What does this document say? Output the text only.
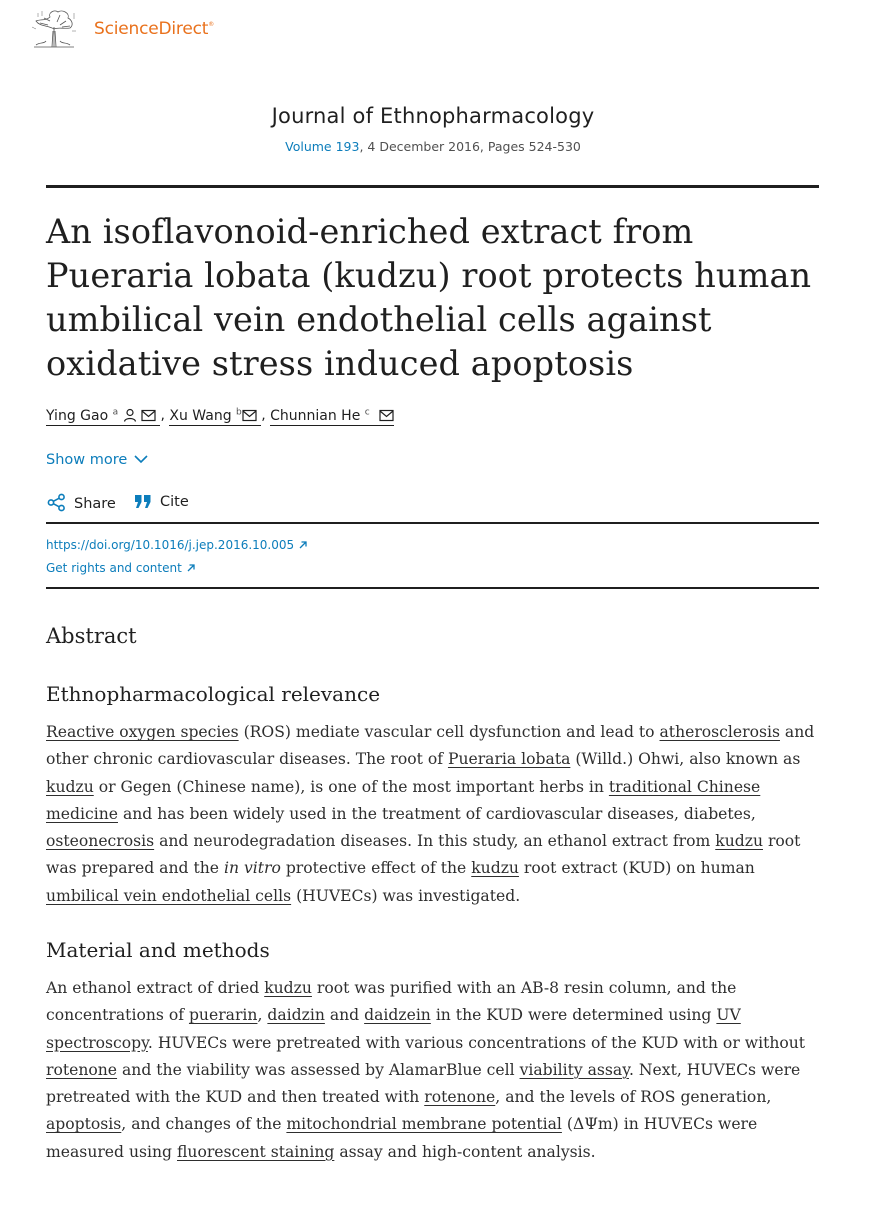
ScienceDirect®
Journal of Ethnopharmacology
Volume 193, 4 December 2016, Pages 524-530
An isoflavonoid-enriched extract from Pueraria lobata (kudzu) root protects human umbilical vein endothelial cells against oxidative stress induced apoptosis
Ying Gao $^a$	, Xu Wang $^b$ , Chunnian He $^c$
Show more
Share	Cite
https://doi.org/10.1016/j.jep.2016.10.005
Get rights and content
Abstract
Ethnopharmacological relevance

Reactive oxygen species (ROS) mediate vascular cell dysfunction and lead to atherosclerosis and other chronic cardiovascular diseases. The root of Pueraria lobata (Willd.) Ohwi, also known as kudzu or Gegen (Chinese name), is one of the most important herbs in traditional Chinese medicine and has been widely used in the treatment of cardiovascular diseases, diabetes, osteonecrosis and neurodegradation diseases. In this study, an ethanol extract from kudzu root was prepared and the in vitro protective effect of the kudzu root extract (KUD) on human umbilical vein endothelial cells (HUVECs) was investigated.

Material and methods

An ethanol extract of dried kudzu root was purified with an AB-8 resin column, and the concentrations of puerarin, daidzin and daidzein in the KUD were determined using UV spectroscopy. HUVECs were pretreated with various concentrations of the KUD with or without rotenone and the viability was assessed by AlamarBlue cell viability assay. Next, HUVECs were pretreated with the KUD and then treated with rotenone, and the levels of ROS generation, apoptosis, and changes of the mitochondrial membrane potential (ΔΨm) in HUVECs were measured using fluorescent staining assay and high-content analysis.
